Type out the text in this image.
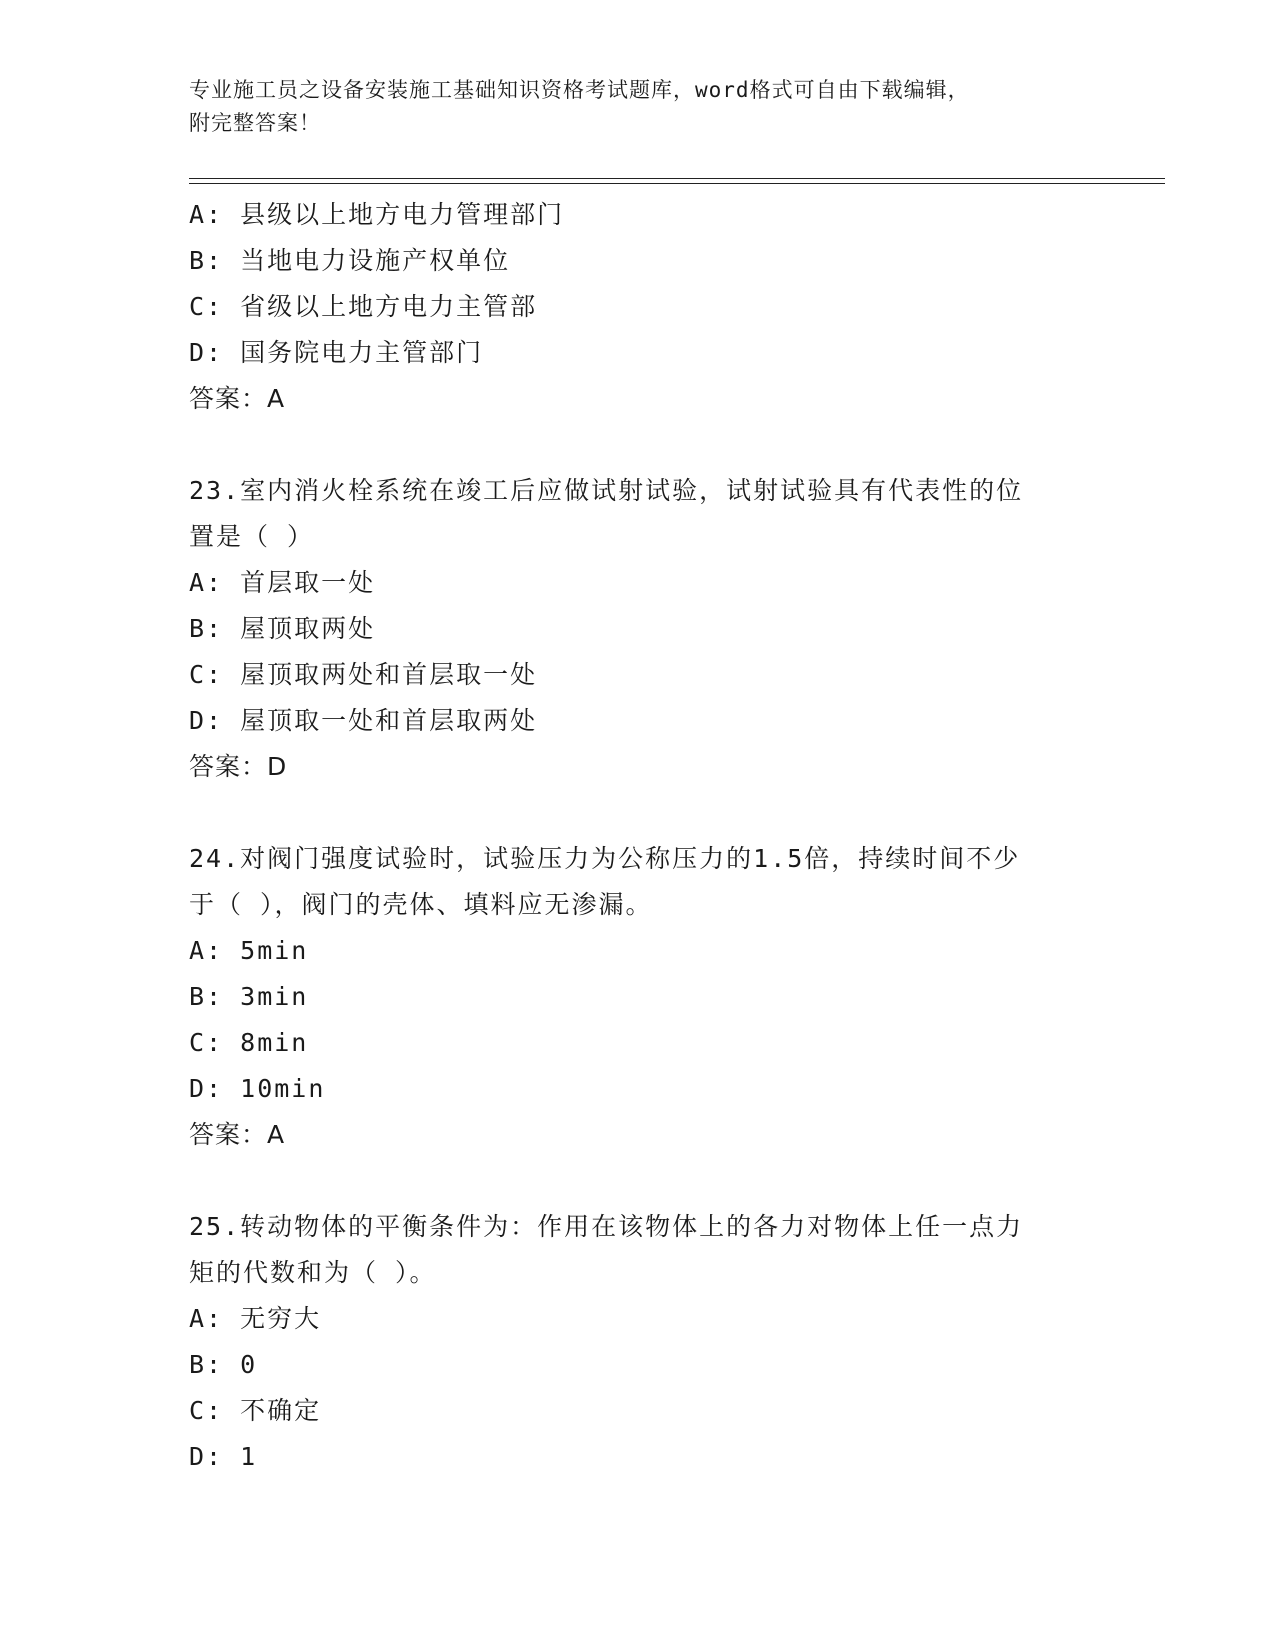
专业施工员之设备安装施工基础知识资格考试题库，word格式可自由下载编辑，
附完整答案！
A: 县级以上地方电力管理部门
B: 当地电力设施产权单位
C: 省级以上地方电力主管部
D: 国务院电力主管部门
答案：A
23.室内消火栓系统在竣工后应做试射试验，试射试验具有代表性的位
置是（ ）
A: 首层取一处
B: 屋顶取两处
C: 屋顶取两处和首层取一处
D: 屋顶取一处和首层取两处
答案：D
24.对阀门强度试验时，试验压力为公称压力的1.5倍，持续时间不少
于（ ），阀门的壳体、填料应无渗漏。
A: 5min
B: 3min
C: 8min
D: 10min
答案：A
25.转动物体的平衡条件为：作用在该物体上的各力对物体上任一点力
矩的代数和为（ ）。
A: 无穷大
B: 0
C: 不确定
D: 1
